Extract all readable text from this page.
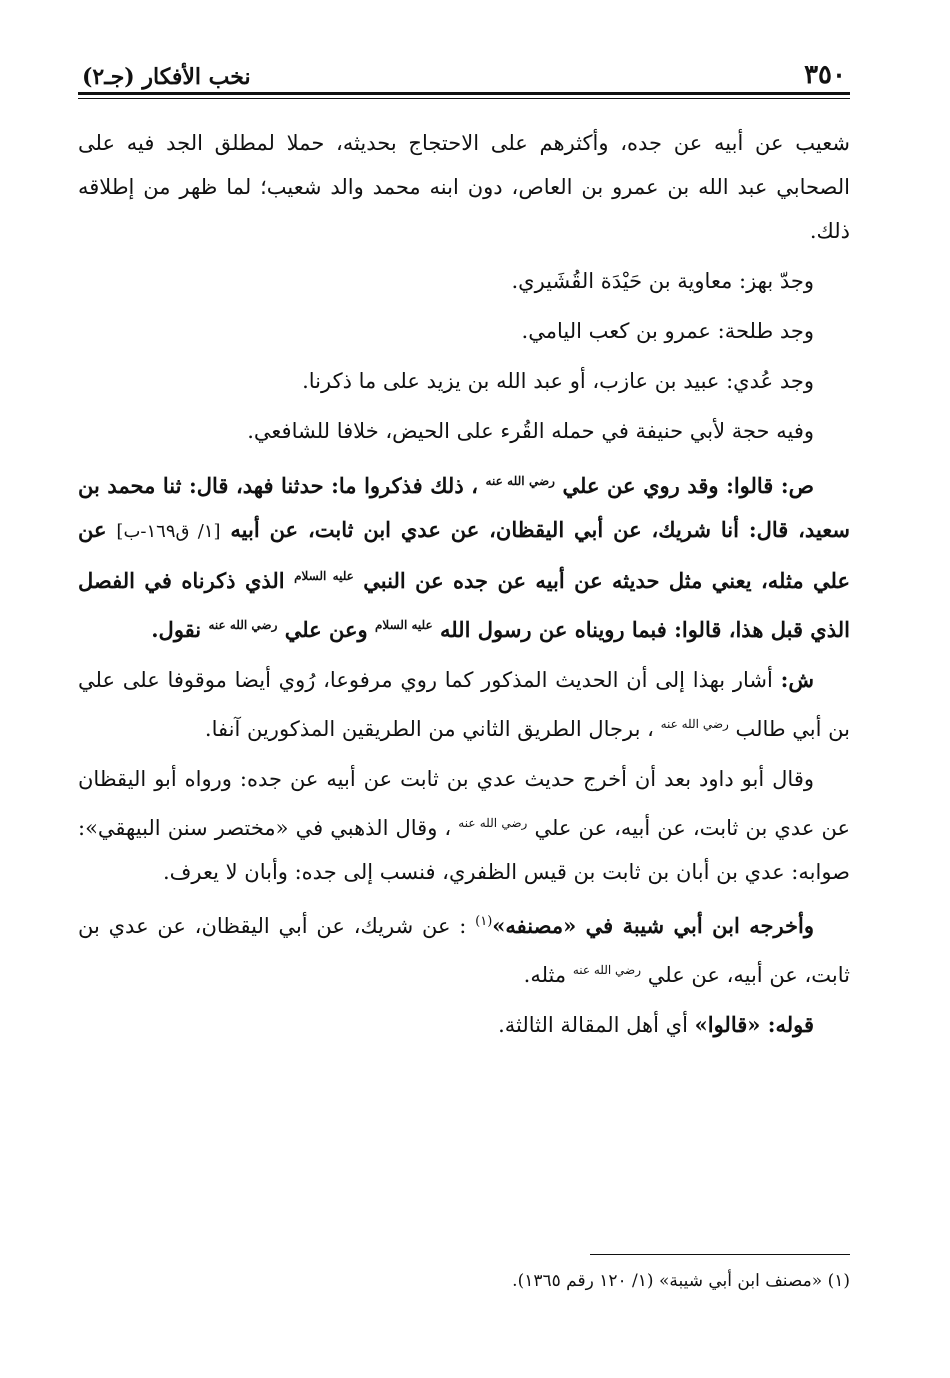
٣٥٠
نخب الأفكار (جـ٢)

شعيب عن أبيه عن جده، وأكثرهم على الاحتجاج بحديثه، حملا لمطلق الجد فيه على الصحابي عبد الله بن عمرو بن العاص، دون ابنه محمد والد شعيب؛ لما ظهر من إطلاقه ذلك.

وجدّ بهز: معاوية بن حَيْدَة القُشَيري.

وجد طلحة: عمرو بن كعب اليامي.

وجد عُدي: عبيد بن عازب، أو عبد الله بن يزيد على ما ذكرنا.

وفيه حجة لأبي حنيفة في حمله القُرء على الحيض، خلافا للشافعي.

ص: قالوا: وقد روي عن علي $^{رضي الله عنه}$ ، ذلك فذكروا ما: حدثنا فهد، قال: ثنا محمد بن سعيد، قال: أنا شريك، عن أبي اليقظان، عن عدي ابن ثابت، عن أبيه [١/ ق١٦٩-ب] عن علي مثله، يعني مثل حديثه عن أبيه عن جده عن النبي $^{عليه السلام}$ الذي ذكرناه في الفصل الذي قبل هذا، قالوا: فبما رويناه عن رسول الله $^{عليه السلام}$ وعن علي $^{رضي الله عنه}$ نقول.

ش: أشار بهذا إلى أن الحديث المذكور كما روي مرفوعا، رُوي أيضا موقوفا على علي بن أبي طالب $^{رضي الله عنه}$ ، برجال الطريق الثاني من الطريقين المذكورين آنفا.

وقال أبو داود بعد أن أخرج حديث عدي بن ثابت عن أبيه عن جده: ورواه أبو اليقظان عن عدي بن ثابت، عن أبيه، عن علي $^{رضي الله عنه}$ ، وقال الذهبي في «مختصر سنن البيهقي»: صوابه: عدي بن أبان بن ثابت بن قيس الظفري، فنسب إلى جده: وأبان لا يعرف.

وأخرجه ابن أبي شيبة في «مصنفه»$^{(١)}$ : عن شريك، عن أبي اليقظان، عن عدي بن ثابت، عن أبيه، عن علي $^{رضي الله عنه}$ مثله.

قوله: «قالوا» أي أهل المقالة الثالثة.

(١) «مصنف ابن أبي شيبة» (١/ ١٢٠ رقم ١٣٦٥).
